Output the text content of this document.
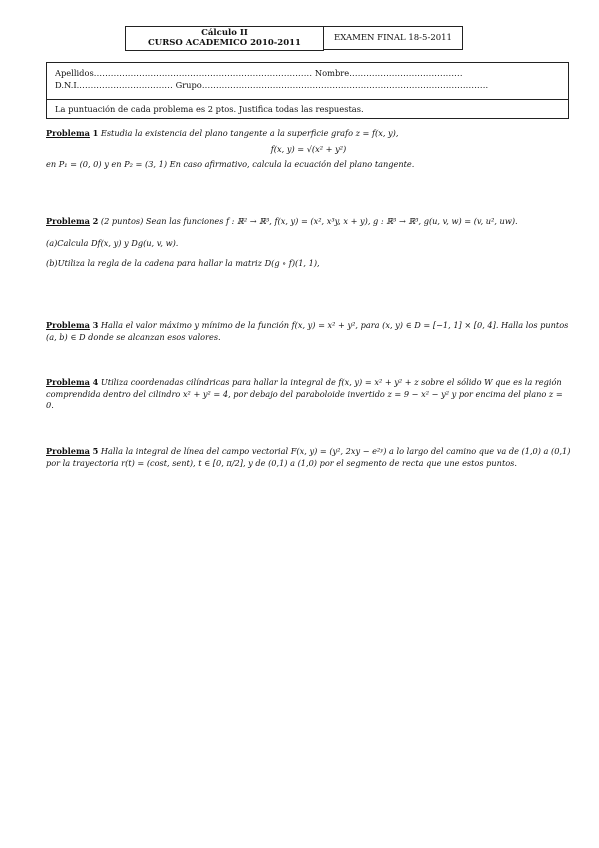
Cálculo II
CURSO ACADEMICO 2010-2011	EXAMEN FINAL 18-5-2011
Apellidos............................................................................. Nombre........................................
D.N.I.................................. Grupo.....................................................................................................
La puntuación de cada problema es 2 ptos. Justifica todas las respuestas.
Problema 1 Estudia la existencia del plano tangente a la superficie grafo z = f(x, y),
f(x, y) = √(x² + y²)
en P₁ = (0, 0) y en P₂ = (3, 1) En caso afirmativo, calcula la ecuación del plano tangente.
Problema 2 (2 puntos) Sean las funciones f : ℝ² → ℝ³, f(x, y) = (x², x³y, x + y), g : ℝ³ → ℝ³, g(u, v, w) = (v, u², uw).
(a)Calcula Df(x, y) y Dg(u, v, w).
(b)Utiliza la regla de la cadena para hallar la matriz D(g ∘ f)(1, 1),
Problema 3 Halla el valor máximo y mínimo de la función f(x, y) = x² + y², para (x, y) ∈ D = [−1, 1] × [0, 4]. Halla los puntos (a, b) ∈ D donde se alcanzan esos valores.
Problema 4 Utiliza coordenadas cilíndricas para hallar la integral de f(x, y) = x² + y² + z sobre el sólido W que es la región comprendida dentro del cilindro x² + y² = 4, por debajo del paraboloide invertido z = 9 − x² − y² y por encima del plano z = 0.
Problema 5 Halla la integral de línea del campo vectorial F(x, y) = (y², 2xy − e²ʸ) a lo largo del camino que va de (1,0) a (0,1) por la trayectoria r(t) = (cost, sent), t ∈ [0, π/2], y de (0,1) a (1,0) por el segmento de recta que une estos puntos.
